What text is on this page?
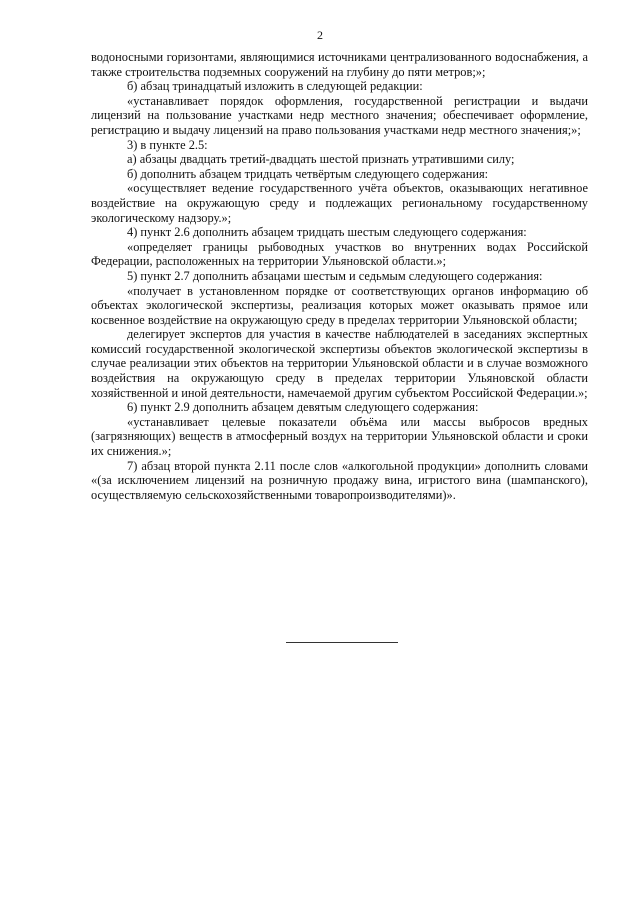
2

водоносными горизонтами, являющимися источниками централизованного водоснабжения, а также строительства подземных сооружений на глубину до пяти метров;»;

б) абзац тринадцатый изложить в следующей редакции:

«устанавливает порядок оформления, государственной регистрации и выдачи лицензий на пользование участками недр местного значения; обеспечивает оформление, регистрацию и выдачу лицензий на право пользования участками недр местного значения;»;

3) в пункте 2.5:

а) абзацы двадцать третий-двадцать шестой признать утратившими силу;

б) дополнить абзацем тридцать четвёртым следующего содержания:

«осуществляет ведение государственного учёта объектов, оказывающих негативное воздействие на окружающую среду и подлежащих региональному государственному экологическому надзору.»;

4) пункт 2.6 дополнить абзацем тридцать шестым следующего содержания:

«определяет границы рыбоводных участков во внутренних водах Российской Федерации, расположенных на территории Ульяновской области.»;

5) пункт 2.7 дополнить абзацами шестым и седьмым следующего содержания:

«получает в установленном порядке от соответствующих органов информацию об объектах экологической экспертизы, реализация которых может оказывать прямое или косвенное воздействие на окружающую среду в пределах территории Ульяновской области;

делегирует экспертов для участия в качестве наблюдателей в заседаниях экспертных комиссий государственной экологической экспертизы объектов экологической экспертизы в случае реализации этих объектов на территории Ульяновской области и в случае возможного воздействия на окружающую среду в пределах территории Ульяновской области хозяйственной и иной деятельности, намечаемой другим субъектом Российской Федерации.»;

6) пункт 2.9 дополнить абзацем девятым следующего содержания:

«устанавливает целевые показатели объёма или массы выбросов вредных (загрязняющих) веществ в атмосферный воздух на территории Ульяновской области и сроки их снижения.»;

7) абзац второй пункта 2.11 после слов «алкогольной продукции» дополнить словами «(за исключением лицензий на розничную продажу вина, игристого вина (шампанского), осуществляемую сельскохозяйственными товаропроизводителями)».
